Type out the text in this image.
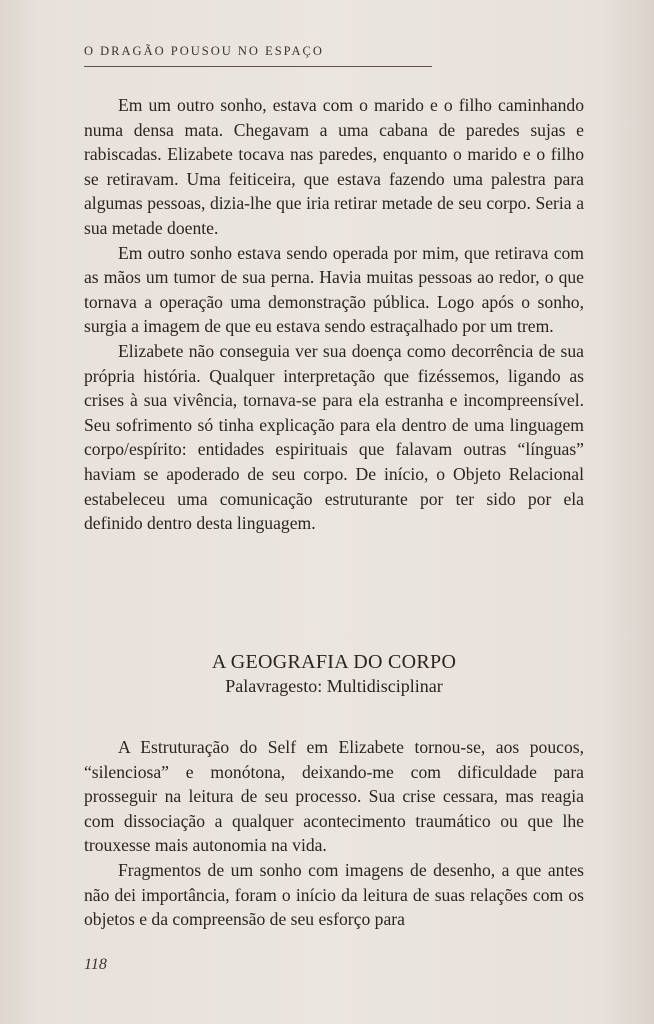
O DRAGÃO POUSOU NO ESPAÇO

Em um outro sonho, estava com o marido e o filho caminhando numa densa mata. Chegavam a uma cabana de paredes sujas e rabiscadas. Elizabete tocava nas paredes, enquanto o marido e o filho se retiravam. Uma feiticeira, que estava fazendo uma palestra para algumas pessoas, dizia-lhe que iria retirar metade de seu corpo. Seria a sua metade doente.

Em outro sonho estava sendo operada por mim, que retirava com as mãos um tumor de sua perna. Havia muitas pessoas ao redor, o que tornava a operação uma demonstração pública. Logo após o sonho, surgia a imagem de que eu estava sendo estraçalhado por um trem.

Elizabete não conseguia ver sua doença como decorrência de sua própria história. Qualquer interpretação que fizéssemos, ligando as crises à sua vivência, tornava-se para ela estranha e incompreensível. Seu sofrimento só tinha explicação para ela dentro de uma linguagem corpo/espírito: entidades espirituais que falavam outras “línguas” haviam se apoderado de seu corpo. De início, o Objeto Relacional estabeleceu uma comunicação estruturante por ter sido por ela definido dentro desta linguagem.

A GEOGRAFIA DO CORPO
Palavragesto: Multidisciplinar

A Estruturação do Self em Elizabete tornou-se, aos poucos, “silenciosa” e monótona, deixando-me com dificuldade para prosseguir na leitura de seu processo. Sua crise cessara, mas reagia com dissociação a qualquer acontecimento traumático ou que lhe trouxesse mais autonomia na vida.

Fragmentos de um sonho com imagens de desenho, a que antes não dei importância, foram o início da leitura de suas relações com os objetos e da compreensão de seu esforço para

118
